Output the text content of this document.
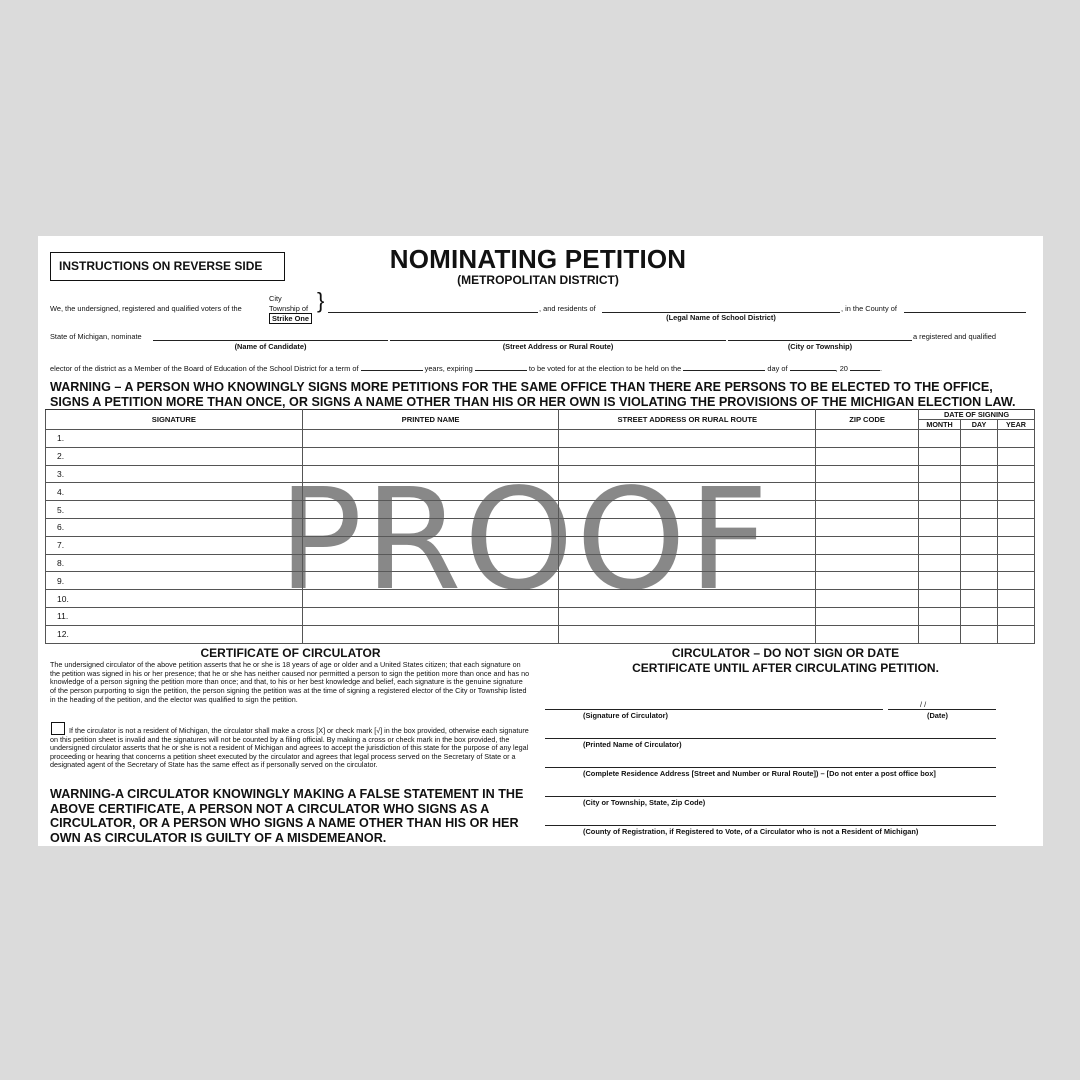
INSTRUCTIONS ON REVERSE SIDE	NOMINATING PETITION
(METROPOLITAN DISTRICT)
We, the undersigned, registered and qualified voters of the
City
Township of
Strike One
}	, and residents of	, in the County of
(Legal Name of School District)
State of Michigan, nominate	a registered and qualified
(Name of Candidate)	(Street Address or Rural Route)	(City or Township)
elector of the district as a Member of the Board of Education of the School District for a term of	years, expiring	to be voted for at the election to be held on the	day of	, 20	.
WARNING – A PERSON WHO KNOWINGLY SIGNS MORE PETITIONS FOR THE SAME OFFICE THAN THERE ARE PERSONS TO BE ELECTED TO THE OFFICE,
SIGNS A PETITION MORE THAN ONCE, OR SIGNS A NAME OTHER THAN HIS OR HER OWN IS VIOLATING THE PROVISIONS OF THE MICHIGAN ELECTION LAW.
SIGNATURE	PRINTED NAME	STREET ADDRESS OR RURAL ROUTE	ZIP CODE	DATE OF SIGNING		
				MONTH	DAY	YEAR
1.						
2.						
3.						
4.						
5.						
6.						
7.						
8.						
9.						
10.						
11.						
12.						
PROOF
CERTIFICATE OF CIRCULATOR
The undersigned circulator of the above petition asserts that he or she is 18 years of age or older and a United States citizen; that each signature on the petition was signed in his or her presence; that he or she has neither caused nor permitted a person to sign the petition more than once and has no knowledge of a person signing the petition more than once; and that, to his or her best knowledge and belief, each signature is the genuine signature of the person purporting to sign the petition, the person signing the petition was at the time of signing a registered elector of the City or Township listed in the heading of the petition, and the elector was qualified to sign the petition.
If the circulator is not a resident of Michigan, the circulator shall make a cross [X] or check mark [√] in the box provided, otherwise each signature on this petition sheet is invalid and the signatures will not be counted by a filing official. By making a cross or check mark in the box provided, the undersigned circulator asserts that he or she is not a resident of Michigan and agrees to accept the jurisdiction of this state for the purpose of any legal proceeding or hearing that concerns a petition sheet executed by the circulator and agrees that legal process served on the Secretary of State or a designated agent of the Secretary of State has the same effect as if personally served on the circulator.
WARNING-A CIRCULATOR KNOWINGLY MAKING A FALSE STATEMENT IN THE ABOVE CERTIFICATE, A PERSON NOT A CIRCULATOR WHO SIGNS AS A CIRCULATOR, OR A PERSON WHO SIGNS A NAME OTHER THAN HIS OR HER OWN AS CIRCULATOR IS GUILTY OF A MISDEMEANOR.
CIRCULATOR – DO NOT SIGN OR DATE
CERTIFICATE UNTIL AFTER CIRCULATING PETITION.
/ /
(Signature of Circulator)	(Date)
(Printed Name of Circulator)
(Complete Residence Address [Street and Number or Rural Route]) – [Do not enter a post office box]
(City or Township, State, Zip Code)
(County of Registration, if Registered to Vote, of a Circulator who is not a Resident of Michigan)
